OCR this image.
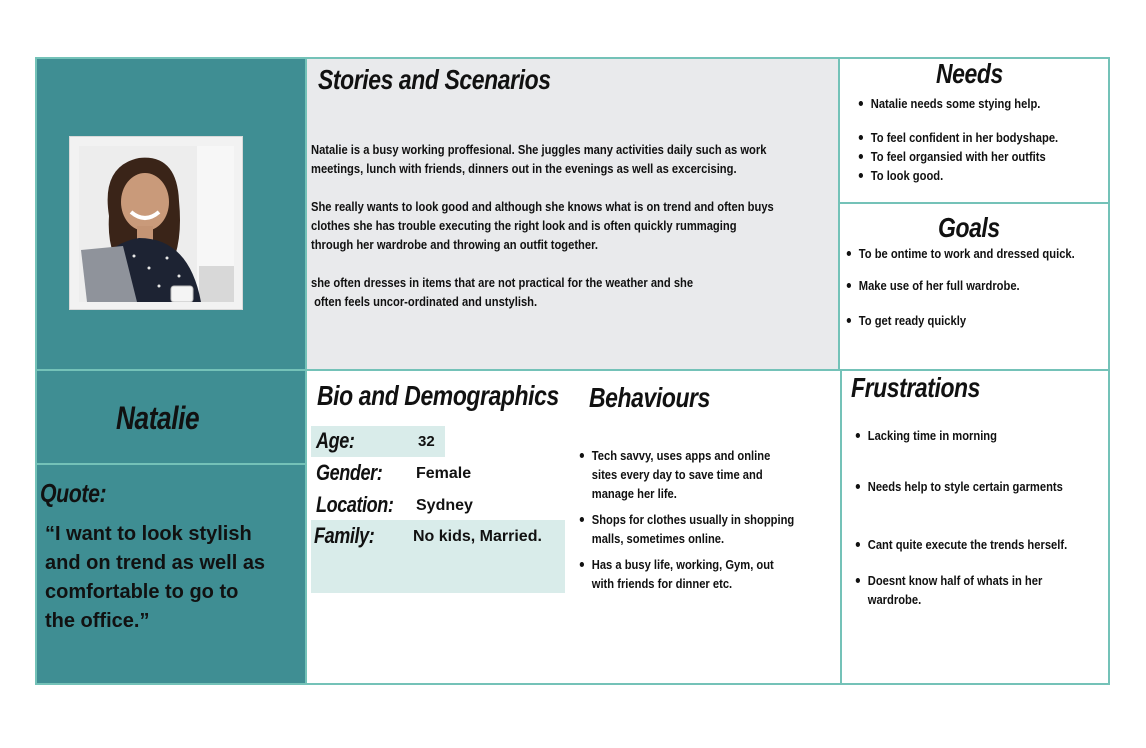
Natalie
Quote:
“I want to look stylish
and on trend as well as
comfortable to go to
the office.”
Stories and Scenarios
Natalie is a busy working proffesional. She juggles many activities daily such as work
meetings, lunch with friends, dinners out in the evenings as well as excercising.
She really wants to look good and although she knows what is on trend and often buys
clothes she has trouble executing the right look and is often quickly rummaging
through her wardrobe and throwing an outfit together.
she often dresses in items that are not practical for the weather and she
often feels uncor-ordinated and unstylish.
Needs
Natalie needs some stying help.
To feel confident in her bodyshape.
To feel organsied with her outfits
To look good.
Goals
To be ontime to work and dressed quick.
Make use of her full wardrobe.
To get ready quickly
Bio and Demographics
Age:	32
Gender: Female
Location: Sydney
Family: No kids, Married.
Behaviours
Tech savvy, uses apps and online
sites every day to save time and
manage her life.
Shops for clothes usually in shopping
malls, sometimes online.
Has a busy life, working, Gym, out
with friends for dinner etc.
Frustrations
Lacking time in morning
Needs help to style certain garments
Cant quite execute the trends herself.
Doesnt know half of whats in her
wardrobe.
